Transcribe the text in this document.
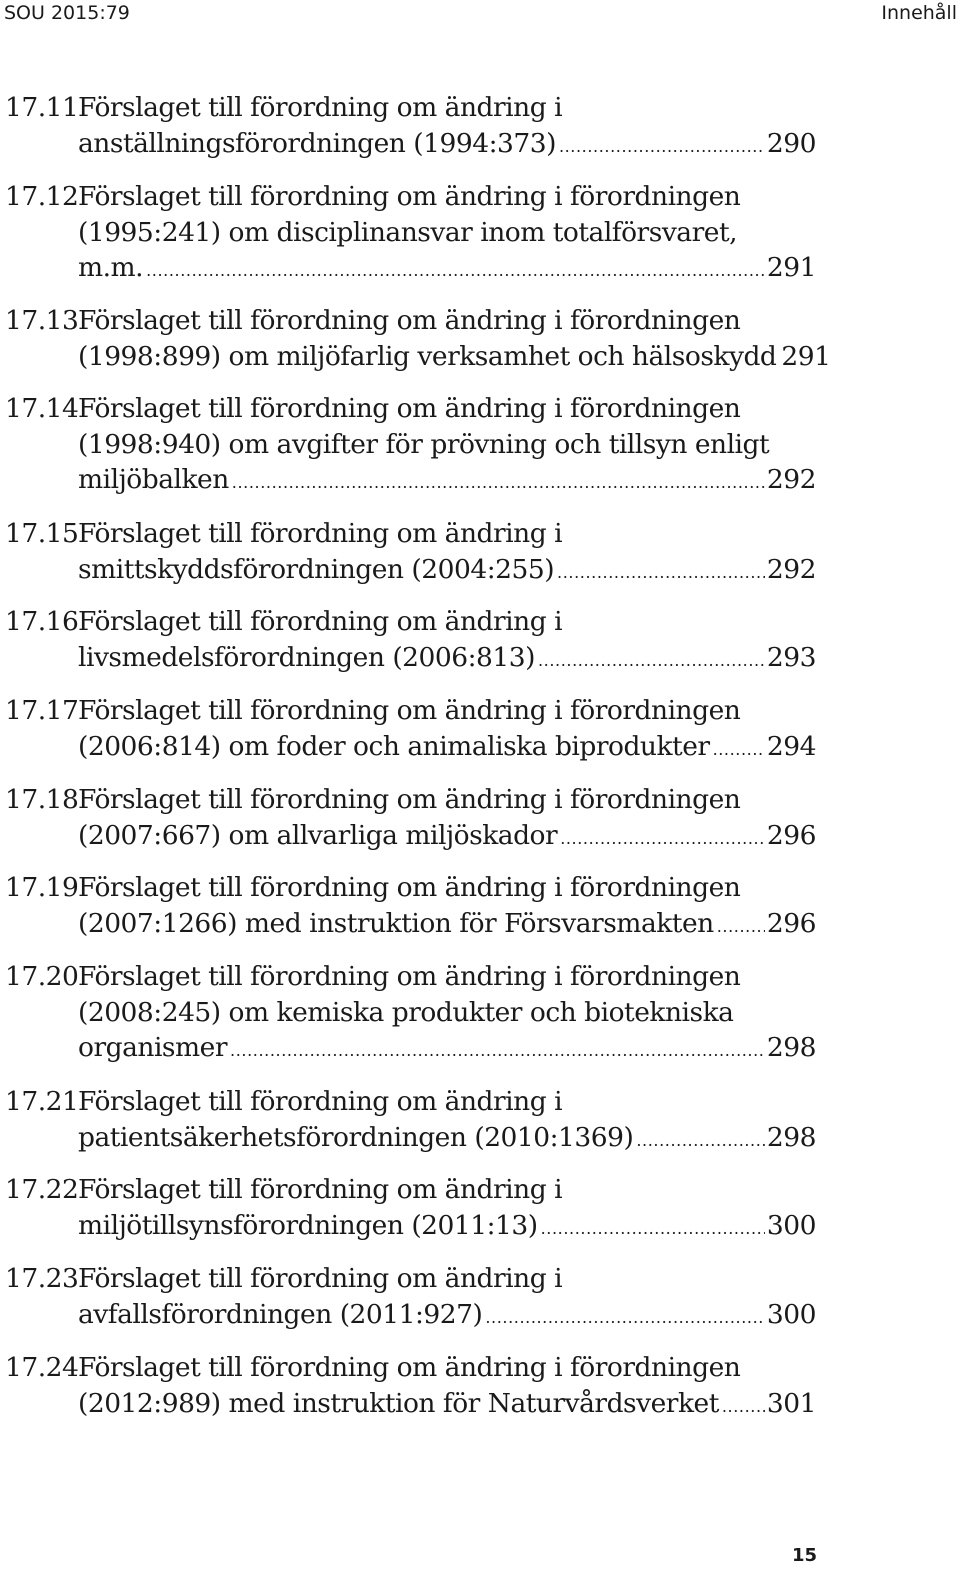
SOU 2015:79	Innehåll
17.11 Förslaget till förordning om ändring i
anställningsförordningen (1994:373) .....	290
17.12 Förslaget till förordning om ändring i förordningen
(1995:241) om disciplinansvar inom totalförsvaret,
m.m. .....	291
17.13 Förslaget till förordning om ändring i förordningen
(1998:899) om miljöfarlig verksamhet och hälsoskydd 291
17.14 Förslaget till förordning om ändring i förordningen
(1998:940) om avgifter för prövning och tillsyn enligt
miljöbalken .....	292
17.15 Förslaget till förordning om ändring i
smittskyddsförordningen (2004:255) .....	292
17.16 Förslaget till förordning om ändring i
livsmedelsförordningen (2006:813) .....	293
17.17 Förslaget till förordning om ändring i förordningen
(2006:814) om foder och animaliska biprodukter ..... 294
17.18 Förslaget till förordning om ändring i förordningen
(2007:667) om allvarliga miljöskador .....	296
17.19 Förslaget till förordning om ändring i förordningen
(2007:1266) med instruktion för Försvarsmakten ..... 296
17.20 Förslaget till förordning om ändring i förordningen
(2008:245) om kemiska produkter och biotekniska
organismer .....	298
17.21 Förslaget till förordning om ändring i
patientsäkerhetsförordningen (2010:1369) .....	298
17.22 Förslaget till förordning om ändring i
miljötillsynsförordningen (2011:13) .....	300
17.23 Förslaget till förordning om ändring i
avfallsförordningen (2011:927) .....	300
17.24 Förslaget till förordning om ändring i förordningen
(2012:989) med instruktion för Naturvårdsverket ..... 301
15
